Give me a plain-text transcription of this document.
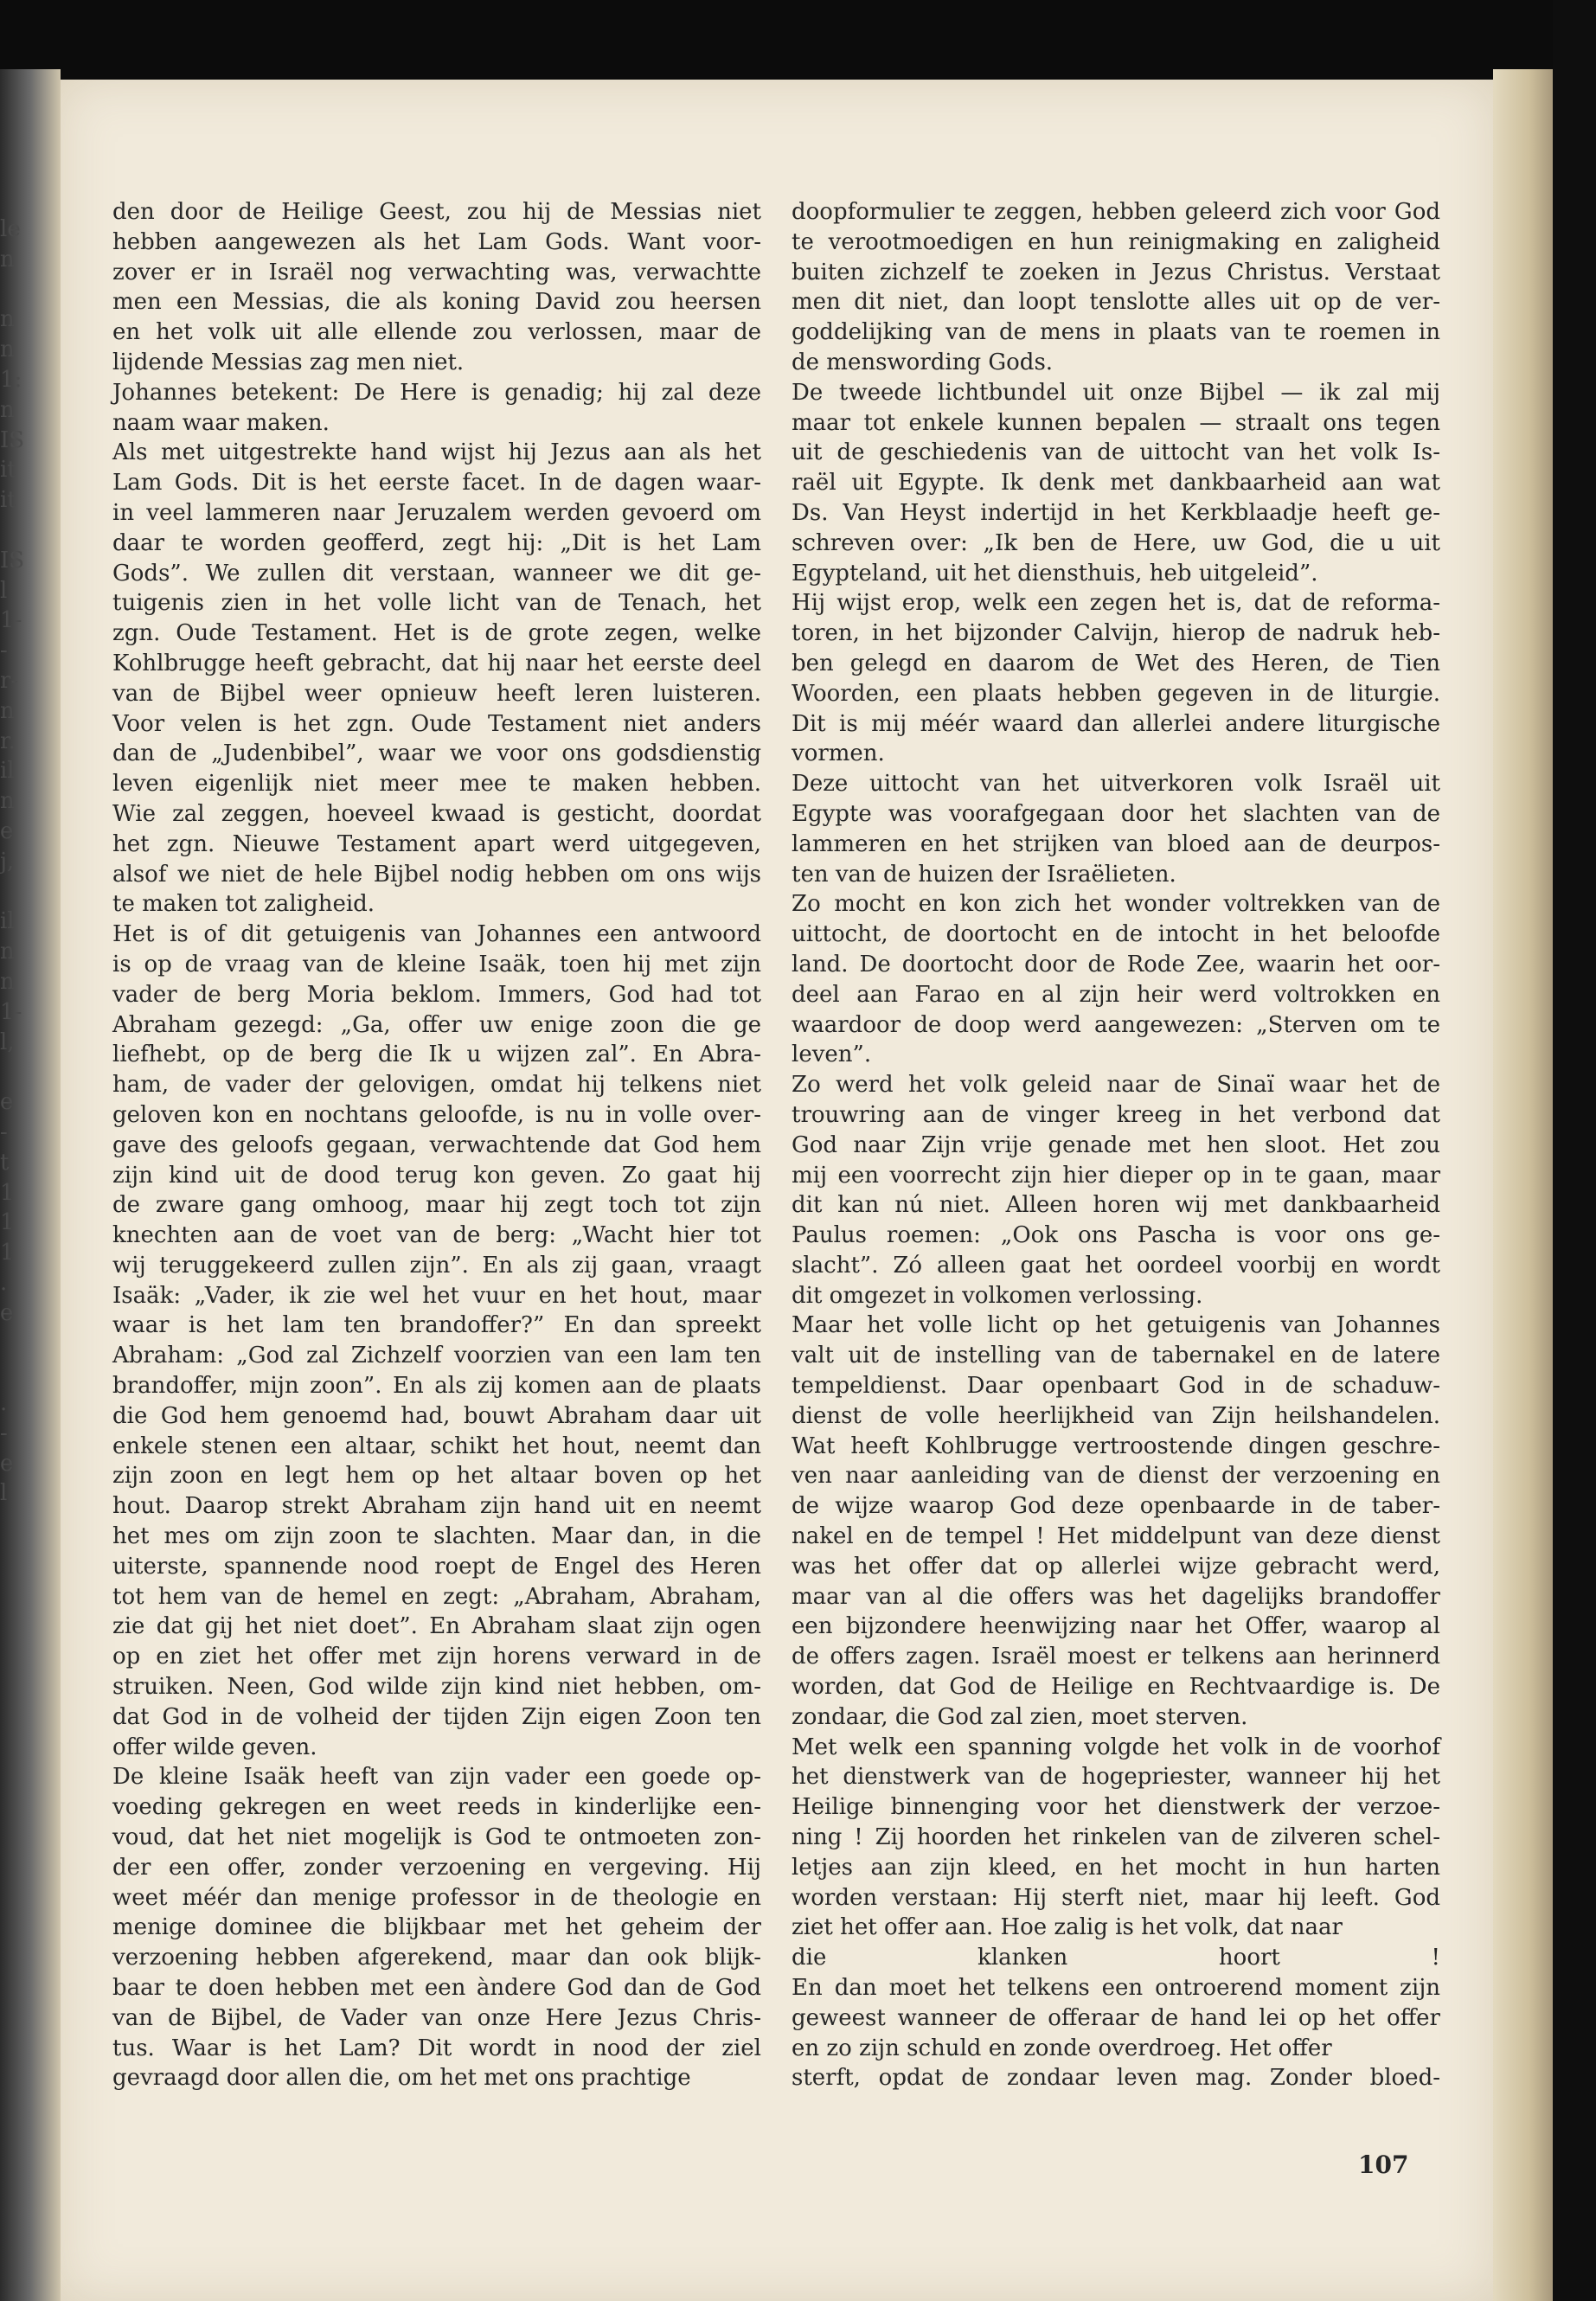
le
n
n
n
1:
n
IS
it
it
IS
l
1-
-
r-
n
r.
il
n
e
j,
il
n
n
1-
l,
e
-
t
1
1
1
.
e
.
-
e
l
den door de Heilige Geest, zou hij de Messias niet
hebben aangewezen als het Lam Gods. Want voor-
zover er in Israël nog verwachting was, verwachtte
men een Messias, die als koning David zou heersen
en het volk uit alle ellende zou verlossen, maar de
lijdende Messias zag men niet.
Johannes betekent: De Here is genadig; hij zal deze
naam waar maken.
Als met uitgestrekte hand wijst hij Jezus aan als het
Lam Gods. Dit is het eerste facet. In de dagen waar-
in veel lammeren naar Jeruzalem werden gevoerd om
daar te worden geofferd, zegt hij: „Dit is het Lam
Gods”. We zullen dit verstaan, wanneer we dit ge-
tuigenis zien in het volle licht van de Tenach, het
zgn. Oude Testament. Het is de grote zegen, welke
Kohlbrugge heeft gebracht, dat hij naar het eerste deel
van de Bijbel weer opnieuw heeft leren luisteren.
Voor velen is het zgn. Oude Testament niet anders
dan de „Judenbibel”, waar we voor ons godsdienstig
leven eigenlijk niet meer mee te maken hebben.
Wie zal zeggen, hoeveel kwaad is gesticht, doordat
het zgn. Nieuwe Testament apart werd uitgegeven,
alsof we niet de hele Bijbel nodig hebben om ons wijs
te maken tot zaligheid.
Het is of dit getuigenis van Johannes een antwoord
is op de vraag van de kleine Isaäk, toen hij met zijn
vader de berg Moria beklom. Immers, God had tot
Abraham gezegd: „Ga, offer uw enige zoon die ge
liefhebt, op de berg die Ik u wijzen zal”. En Abra-
ham, de vader der gelovigen, omdat hij telkens niet
geloven kon en nochtans geloofde, is nu in volle over-
gave des geloofs gegaan, verwachtende dat God hem
zijn kind uit de dood terug kon geven. Zo gaat hij
de zware gang omhoog, maar hij zegt toch tot zijn
knechten aan de voet van de berg: „Wacht hier tot
wij teruggekeerd zullen zijn”. En als zij gaan, vraagt
Isaäk: „Vader, ik zie wel het vuur en het hout, maar
waar is het lam ten brandoffer?” En dan spreekt
Abraham: „God zal Zichzelf voorzien van een lam ten
brandoffer, mijn zoon”. En als zij komen aan de plaats
die God hem genoemd had, bouwt Abraham daar uit
enkele stenen een altaar, schikt het hout, neemt dan
zijn zoon en legt hem op het altaar boven op het
hout. Daarop strekt Abraham zijn hand uit en neemt
het mes om zijn zoon te slachten. Maar dan, in die
uiterste, spannende nood roept de Engel des Heren
tot hem van de hemel en zegt: „Abraham, Abraham,
zie dat gij het niet doet”. En Abraham slaat zijn ogen
op en ziet het offer met zijn horens verward in de
struiken. Neen, God wilde zijn kind niet hebben, om-
dat God in de volheid der tijden Zijn eigen Zoon ten
offer wilde geven.
De kleine Isaäk heeft van zijn vader een goede op-
voeding gekregen en weet reeds in kinderlijke een-
voud, dat het niet mogelijk is God te ontmoeten zon-
der een offer, zonder verzoening en vergeving. Hij
weet méér dan menige professor in de theologie en
menige dominee die blijkbaar met het geheim der
verzoening hebben afgerekend, maar dan ook blijk-
baar te doen hebben met een àndere God dan de God
van de Bijbel, de Vader van onze Here Jezus Chris-
tus. Waar is het Lam? Dit wordt in nood der ziel
gevraagd door allen die, om het met ons prachtige
doopformulier te zeggen, hebben geleerd zich voor God
te verootmoedigen en hun reinigmaking en zaligheid
buiten zichzelf te zoeken in Jezus Christus. Verstaat
men dit niet, dan loopt tenslotte alles uit op de ver-
goddelijking van de mens in plaats van te roemen in
de menswording Gods.
De tweede lichtbundel uit onze Bijbel — ik zal mij
maar tot enkele kunnen bepalen — straalt ons tegen
uit de geschiedenis van de uittocht van het volk Is-
raël uit Egypte. Ik denk met dankbaarheid aan wat
Ds. Van Heyst indertijd in het Kerkblaadje heeft ge-
schreven over: „Ik ben de Here, uw God, die u uit
Egypteland, uit het diensthuis, heb uitgeleid”.
Hij wijst erop, welk een zegen het is, dat de reforma-
toren, in het bijzonder Calvijn, hierop de nadruk heb-
ben gelegd en daarom de Wet des Heren, de Tien
Woorden, een plaats hebben gegeven in de liturgie.
Dit is mij méér waard dan allerlei andere liturgische
vormen.
Deze uittocht van het uitverkoren volk Israël uit
Egypte was voorafgegaan door het slachten van de
lammeren en het strijken van bloed aan de deurpos-
ten van de huizen der Israëlieten.
Zo mocht en kon zich het wonder voltrekken van de
uittocht, de doortocht en de intocht in het beloofde
land. De doortocht door de Rode Zee, waarin het oor-
deel aan Farao en al zijn heir werd voltrokken en
waardoor de doop werd aangewezen: „Sterven om te
leven”.
Zo werd het volk geleid naar de Sinaï waar het de
trouwring aan de vinger kreeg in het verbond dat
God naar Zijn vrije genade met hen sloot. Het zou
mij een voorrecht zijn hier dieper op in te gaan, maar
dit kan nú niet. Alleen horen wij met dankbaarheid
Paulus roemen: „Ook ons Pascha is voor ons ge-
slacht”. Zó alleen gaat het oordeel voorbij en wordt
dit omgezet in volkomen verlossing.
Maar het volle licht op het getuigenis van Johannes
valt uit de instelling van de tabernakel en de latere
tempeldienst. Daar openbaart God in de schaduw-
dienst de volle heerlijkheid van Zijn heilshandelen.
Wat heeft Kohlbrugge vertroostende dingen geschre-
ven naar aanleiding van de dienst der verzoening en
de wijze waarop God deze openbaarde in de taber-
nakel en de tempel ! Het middelpunt van deze dienst
was het offer dat op allerlei wijze gebracht werd,
maar van al die offers was het dagelijks brandoffer
een bijzondere heenwijzing naar het Offer, waarop al
de offers zagen. Israël moest er telkens aan herinnerd
worden, dat God de Heilige en Rechtvaardige is. De
zondaar, die God zal zien, moet sterven.
Met welk een spanning volgde het volk in de voorhof
het dienstwerk van de hogepriester, wanneer hij het
Heilige binnenging voor het dienstwerk der verzoe-
ning ! Zij hoorden het rinkelen van de zilveren schel-
letjes aan zijn kleed, en het mocht in hun harten
worden verstaan: Hij sterft niet, maar hij leeft. God
ziet het offer aan. Hoe zalig is het volk, dat naar
die klanken hoort !
En dan moet het telkens een ontroerend moment zijn
geweest wanneer de offeraar de hand lei op het offer
en zo zijn schuld en zonde overdroeg. Het offer
sterft, opdat de zondaar leven mag. Zonder bloed-
107
